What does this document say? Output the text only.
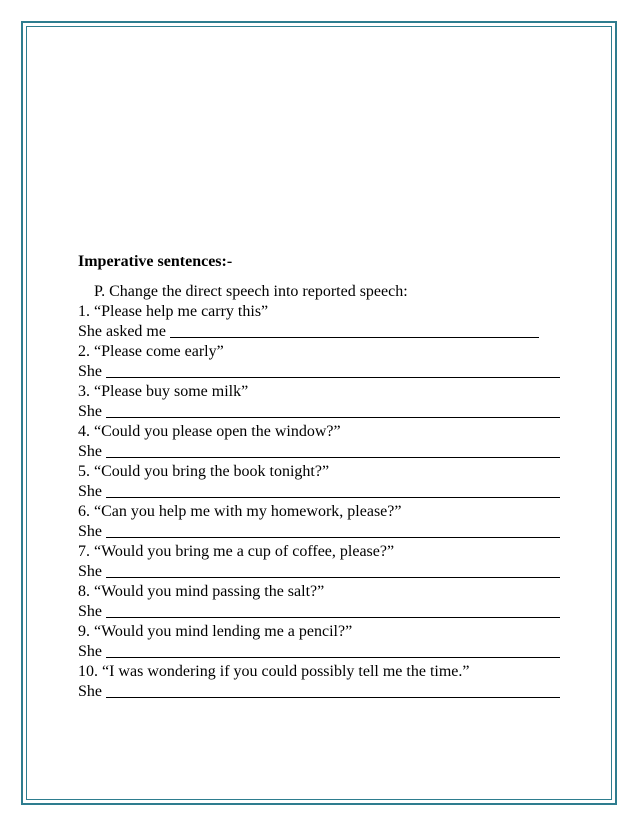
Imperative sentences:-
P. Change the direct speech into reported speech:
1. “Please help me carry this”
She asked me
2. “Please come early”
She
3. “Please buy some milk”
She
4. “Could you please open the window?”
She
5. “Could you bring the book tonight?”
She
6. “Can you help me with my homework, please?”
She
7. “Would you bring me a cup of coffee, please?”
She
8. “Would you mind passing the salt?”
She
9. “Would you mind lending me a pencil?”
She
10. “I was wondering if you could possibly tell me the time.”
She
